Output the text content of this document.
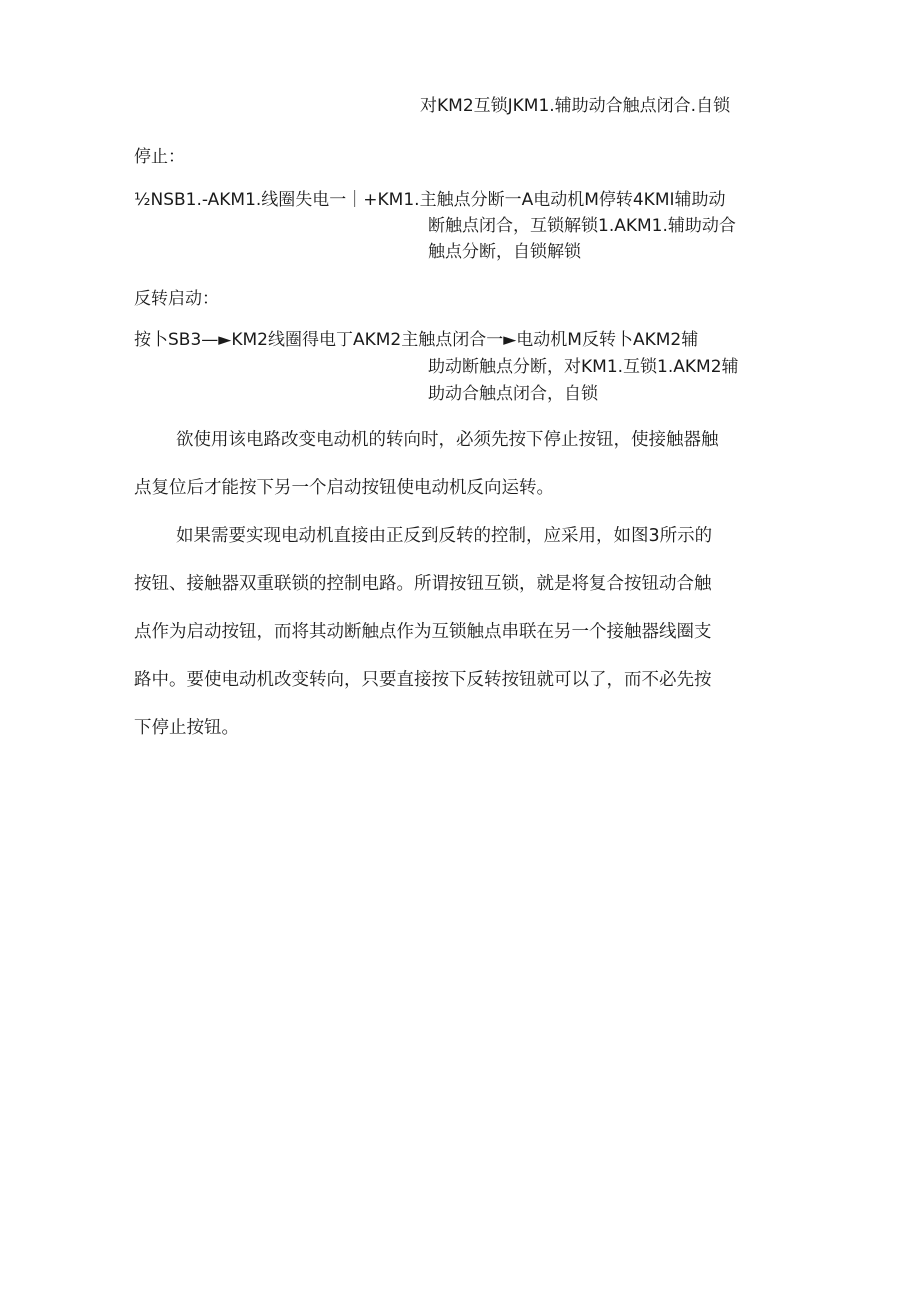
对KM2互锁JKM1.辅助动合触点闭合.自锁
停止：
½NSB1.-AKM1.线圈失电一｜+KM1.主触点分断一A电动机M停转4KMI辅助动
断触点闭合，互锁解锁1.AKM1.辅助动合
触点分断，自锁解锁
反转启动：
按卜SB3—►KM2线圈得电丁AKM2主触点闭合一►电动机M反转卜AKM2辅
助动断触点分断，对KM1.互锁1.AKM2辅
助动合触点闭合，自锁
欲使用该电路改变电动机的转向时，必须先按下停止按钮，使接触器触
点复位后才能按下另一个启动按钮使电动机反向运转。
如果需要实现电动机直接由正反到反转的控制，应采用，如图3所示的
按钮、接触器双重联锁的控制电路。所谓按钮互锁，就是将复合按钮动合触
点作为启动按钮，而将其动断触点作为互锁触点串联在另一个接触器线圈支
路中。要使电动机改变转向，只要直接按下反转按钮就可以了，而不必先按
下停止按钮。
